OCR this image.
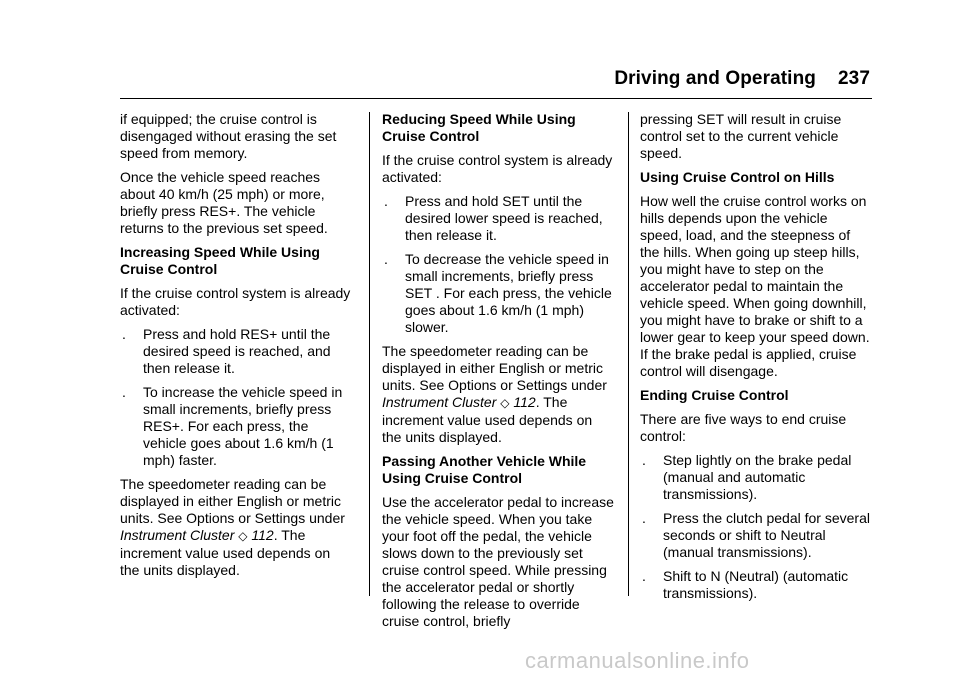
Driving and Operating 237

if equipped; the cruise control is disengaged without erasing the set speed from memory.

Once the vehicle speed reaches about 40 km/h (25 mph) or more, briefly press RES+. The vehicle returns to the previous set speed.

Increasing Speed While Using Cruise Control

If the cruise control system is already activated:

. Press and hold RES+ until the desired speed is reached, and then release it.
. To increase the vehicle speed in small increments, briefly press RES+. For each press, the vehicle goes about 1.6 km/h (1 mph) faster.

The speedometer reading can be displayed in either English or metric units. See Options or Settings under Instrument Cluster ◇ 112. The increment value used depends on the units displayed.

Reducing Speed While Using Cruise Control

If the cruise control system is already activated:

. Press and hold SET until the desired lower speed is reached, then release it.
. To decrease the vehicle speed in small increments, briefly press SET . For each press, the vehicle goes about 1.6 km/h (1 mph) slower.

The speedometer reading can be displayed in either English or metric units. See Options or Settings under Instrument Cluster ◇ 112. The increment value used depends on the units displayed.

Passing Another Vehicle While Using Cruise Control

Use the accelerator pedal to increase the vehicle speed. When you take your foot off the pedal, the vehicle slows down to the previously set cruise control speed. While pressing the accelerator pedal or shortly following the release to override cruise control, briefly

pressing SET will result in cruise control set to the current vehicle speed.

Using Cruise Control on Hills

How well the cruise control works on hills depends upon the vehicle speed, load, and the steepness of the hills. When going up steep hills, you might have to step on the accelerator pedal to maintain the vehicle speed. When going downhill, you might have to brake or shift to a lower gear to keep your speed down. If the brake pedal is applied, cruise control will disengage.

Ending Cruise Control

There are five ways to end cruise control:

. Step lightly on the brake pedal (manual and automatic transmissions).
. Press the clutch pedal for several seconds or shift to Neutral (manual transmissions).
. Shift to N (Neutral) (automatic transmissions).
carmanualsonline.info
